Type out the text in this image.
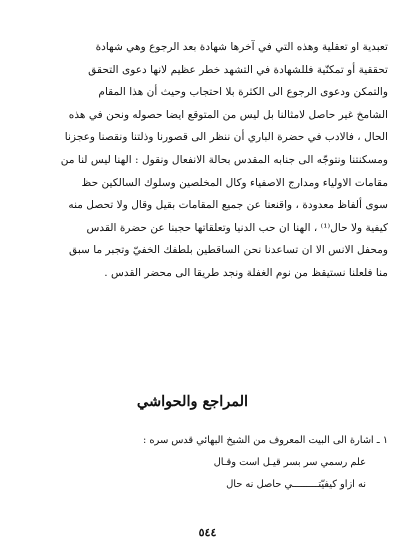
تعبدية او تعقلية وهذه التي في آخرها شهادة بعد الرجوع وهي شهادة
تحققية أو تمكنّية فللشهادة في التشهد خطر عظيم لانها دعوى التحقق
والتمكن ودعوى الرجوع الى الكثرة بلا احتجاب وحيث أن هذا المقام
الشامخ غير حاصل لامثالنا بل ليس من المتوقع ايضا حصوله ونحن في هذه
الحال ، فالادب في حضرة الباري أن ننظر الى قصورنا وذلتنا ونقصنا وعجزنا
ومسكنتنا ونتوجّه الى جنابه المقدس بحالة الانفعال ونقول : الهنا ليس لنا من
مقامات الاولياء ومدارج الاصفياء وكال المخلصين وسلوك السالكين حظ
سوى ألفاظ معدودة ، واقنعنا عن جميع المقامات بقيل وقال ولا تحصل منه
كيفية ولا حال⁽¹⁾ ، الهنا ان حب الدنيا وتعلقاتها حجبنا عن حضرة القدس
ومحفل الانس الا ان تساعدنا نحن الساقطين بلطفك الخفيّ وتجبر ما سبق
منا فلعلنا نستيقظ من نوم الغفلة ونجد طريقا الى محضر القدس .
المراجع والحواشي
١ ـ اشارة الى البيت المعروف من الشيخ البهائي قدس سره :
علم رسمي سر بسر قيـل است وقـال
نه ازاو كيفيّتـــــــــي حاصل نه حال
٥٤٤
